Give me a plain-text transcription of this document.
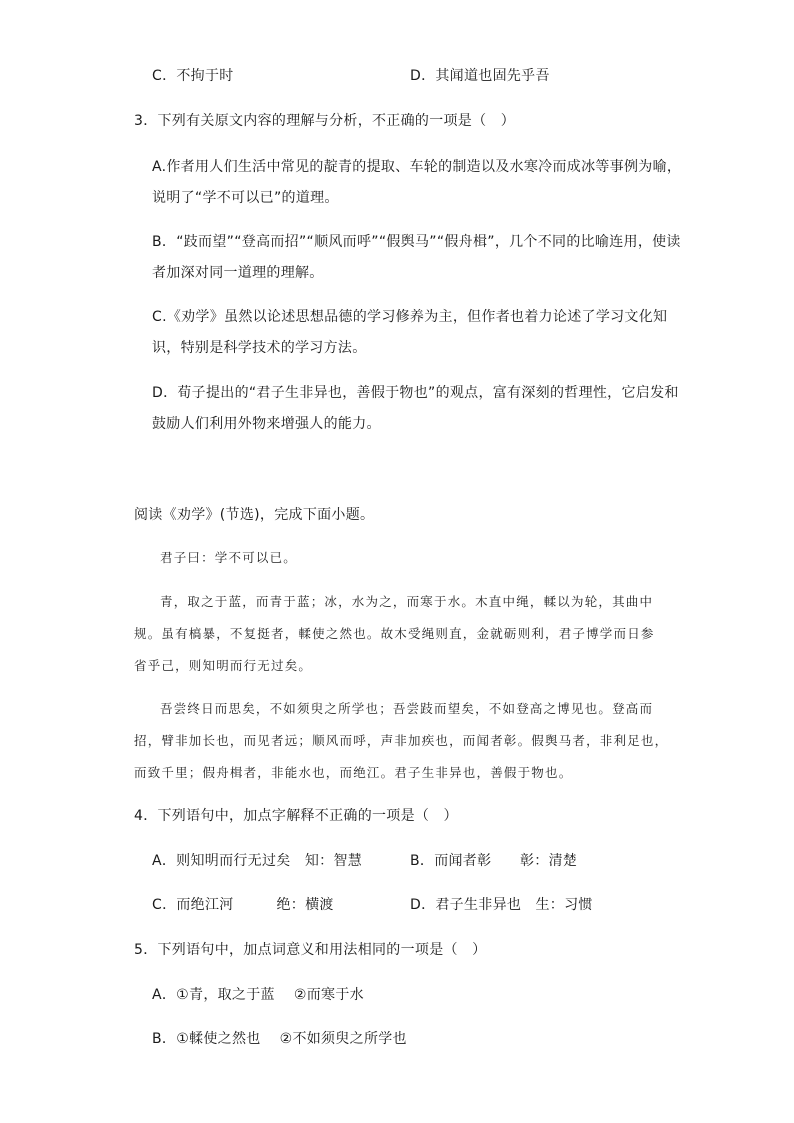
C．不拘于时	D．其闻道也固先乎吾
3．下列有关原文内容的理解与分析，不正确的一项是（　）
A.作者用人们生活中常见的靛青的提取、车轮的制造以及水寒冷而成冰等事例为喻，
说明了“学不可以已”的道理。
B．“跂而望”“登高而招”“顺风而呼”“假舆马”“假舟楫”，几个不同的比喻连用，使读
者加深对同一道理的理解。
C.《劝学》虽然以论述思想品德的学习修养为主，但作者也着力论述了学习文化知
识，特别是科学技术的学习方法。
D．荀子提出的“君子生非异也，善假于物也”的观点，富有深刻的哲理性，它启发和
鼓励人们利用外物来增强人的能力。
阅读《劝学》(节选)，完成下面小题。
君子曰：学不可以已。
青，取之于蓝，而青于蓝；冰，水为之，而寒于水。木直中绳，輮以为轮，其曲中
规。虽有槁暴，不复挺者，輮使之然也。故木受绳则直，金就砺则利，君子博学而日参
省乎己，则知明而行无过矣。
吾尝终日而思矣，不如须臾之所学也；吾尝跂而望矣，不如登高之博见也。登高而
招，臂非加长也，而见者远；顺风而呼，声非加疾也，而闻者彰。假舆马者，非利足也，
而致千里；假舟楫者，非能水也，而绝江。君子生非异也，善假于物也。
4．下列语句中，加点字解释不正确的一项是（　）
A．则知明而行无过矣　知：智慧	B．而闻者彰　　彰：清楚
C．而绝江河　　　绝：横渡	D．君子生非异也　生：习惯
5．下列语句中，加点词意义和用法相同的一项是（　）
A．①青，取之于蓝　 ②而寒于水
B．①輮使之然也　 ②不如须臾之所学也
